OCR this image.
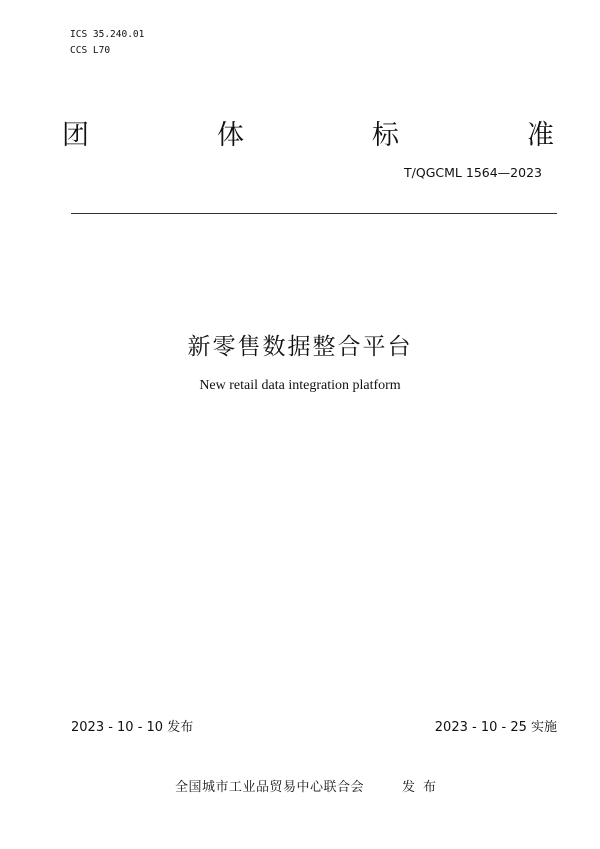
ICS 35.240.01
CCS L70
团	体	标	准
T/QGCML 1564—2023
新零售数据整合平台
New retail data integration platform
2023 - 10 - 10 发布	2023 - 10 - 25 实施
全国城市工业品贸易中心联合会	发布
